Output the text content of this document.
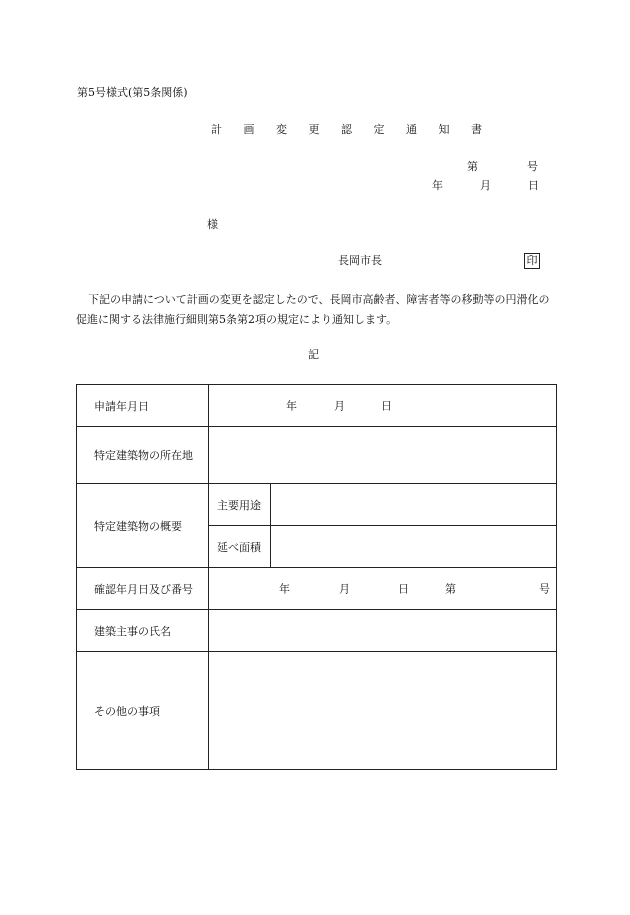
第5号様式(第5条関係)
計 画 変 更 認 定 通 知 書
第	号
年	月	日
様
長岡市長	印
下記の申請について計画の変更を認定したので、長岡市高齢者、障害者等の移動等の円滑化の促進に関する法律施行細則第5条第2項の規定により通知します。
記
申請年月日	年 月 日	

特定建築物の所在地		
特定建築物の概要	主要用途	
	延べ面積	
確認年月日及び番号	年 月 日 第 号	

建築主事の氏名		
その他の事項		
